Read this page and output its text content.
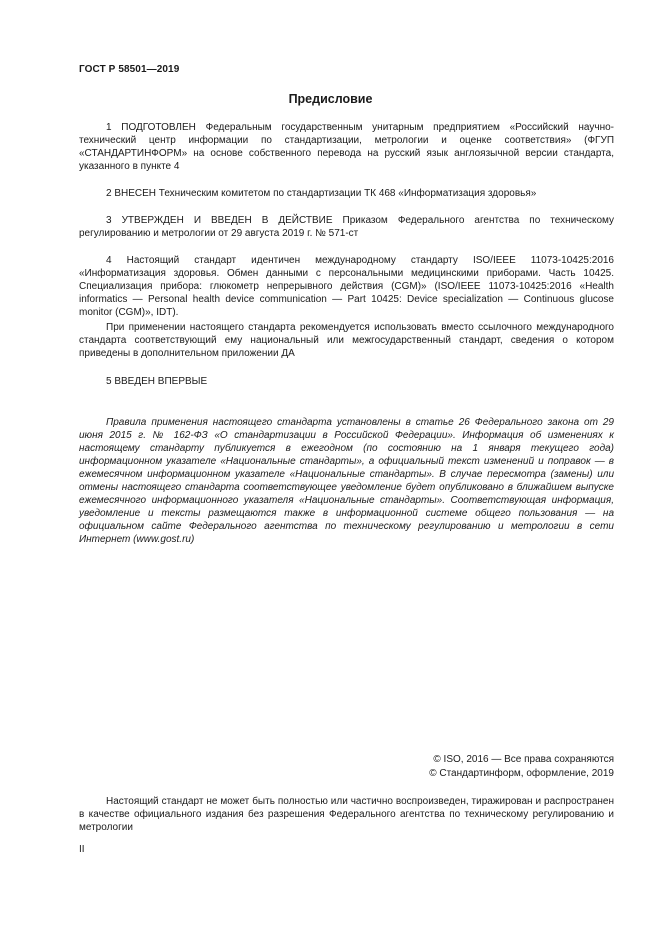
ГОСТ Р 58501—2019
Предисловие

1 ПОДГОТОВЛЕН Федеральным государственным унитарным предприятием «Российский научно-технический центр информации по стандартизации, метрологии и оценке соответствия» (ФГУП «СТАНДАРТИНФОРМ» на основе собственного перевода на русский язык англоязычной версии стандарта, указанного в пункте 4

2 ВНЕСЕН Техническим комитетом по стандартизации ТК 468 «Информатизация здоровья»

3 УТВЕРЖДЕН И ВВЕДЕН В ДЕЙСТВИЕ Приказом Федерального агентства по техническому регулированию и метрологии от 29 августа 2019 г. № 571-ст

4 Настоящий стандарт идентичен международному стандарту ISO/IEEE 11073-10425:2016 «Информатизация здоровья. Обмен данными с персональными медицинскими приборами. Часть 10425. Специализация прибора: глюкометр непрерывного действия (CGM)» (ISO/IEEE 11073-10425:2016 «Health informatics — Personal health device communication — Part 10425: Device specialization — Continuous glucose monitor (CGM)», IDT).

При применении настоящего стандарта рекомендуется использовать вместо ссылочного международного стандарта соответствующий ему национальный или межгосударственный стандарт, сведения о котором приведены в дополнительном приложении ДА

5 ВВЕДЕН ВПЕРВЫЕ

Правила применения настоящего стандарта установлены в статье 26 Федерального закона от 29 июня 2015 г. № 162-ФЗ «О стандартизации в Российской Федерации». Информация об изменениях к настоящему стандарту публикуется в ежегодном (по состоянию на 1 января текущего года) информационном указателе «Национальные стандарты», а официальный текст изменений и поправок — в ежемесячном информационном указателе «Национальные стандарты». В случае пересмотра (замены) или отмены настоящего стандарта соответствующее уведомление будет опубликовано в ближайшем выпуске ежемесячного информационного указателя «Национальные стандарты». Соответствующая информация, уведомление и тексты размещаются также в информационной системе общего пользования — на официальном сайте Федерального агентства по техническому регулированию и метрологии в сети Интернет (www.gost.ru)

© ISO, 2016 — Все права сохраняются
© Стандартинформ, оформление, 2019

Настоящий стандарт не может быть полностью или частично воспроизведен, тиражирован и распространен в качестве официального издания без разрешения Федерального агентства по техническому регулированию и метрологии

II
